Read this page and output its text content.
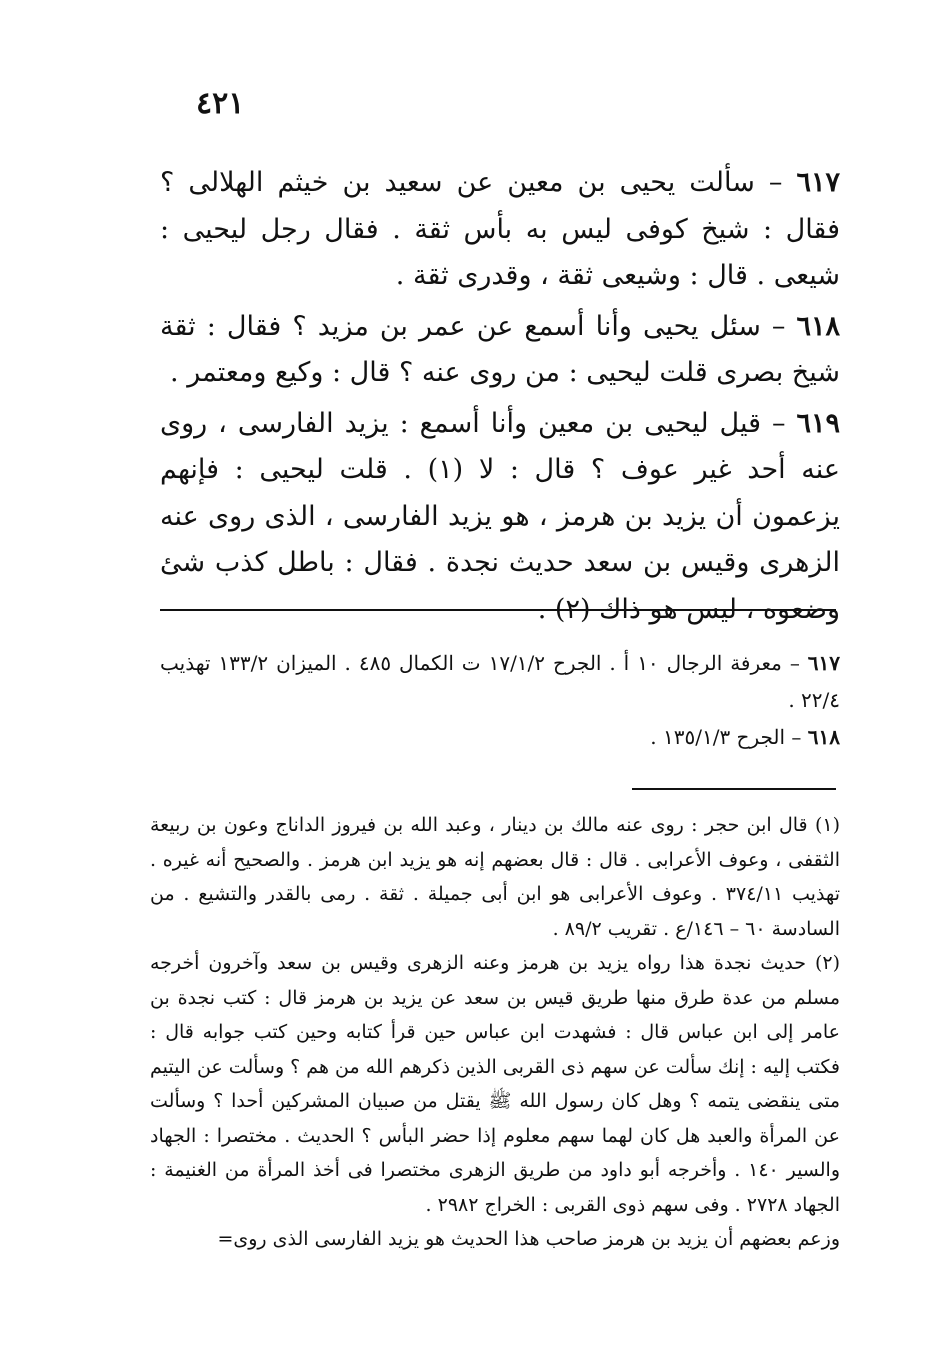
٤٢١

٦١٧ – سألت يحيى بن معين عن سعيد بن خيثم الهلالى ؟ فقال : شيخ كوفى ليس به بأس ثقة . فقال رجل ليحيى : شيعى . قال : وشيعى ثقة ، وقدرى ثقة .

٦١٨ – سئل يحيى وأنا أسمع عن عمر بن مزيد ؟ فقال : ثقة شيخ بصرى قلت ليحيى : من روى عنه ؟ قال : وكيع ومعتمر .

٦١٩ – قيل ليحيى بن معين وأنا أسمع : يزيد الفارسى ، روى عنه أحد غير عوف ؟ قال : لا (١) . قلت ليحيى : فإنهم يزعمون أن يزيد بن هرمز ، هو يزيد الفارسى ، الذى روى عنه الزهرى وقيس بن سعد حديث نجدة . فقال : باطل كذب شئ وضعوه ، ليس هو ذاك (٢) .

٦١٧ – معرفة الرجال ١٠ أ . الجرح ١٧/١/٢ ت الكمال ٤٨٥ . الميزان ١٣٣/٢ تهذيب ٢٢/٤ .

٦١٨ – الجرح ١٣٥/١/٣ .

(١) قال ابن حجر : روى عنه مالك بن دينار ، وعبد الله بن فيروز الداناج وعون بن ربيعة الثقفى ، وعوف الأعرابى . قال : قال بعضهم إنه هو يزيد ابن هرمز . والصحيح أنه غيره . تهذيب ٣٧٤/١١ . وعوف الأعرابى هو ابن أبى جميلة . ثقة . رمى بالقدر والتشيع . من السادسة ٦٠ – ١٤٦/ع . تقريب ٨٩/٢ .

(٢) حديث نجدة هذا رواه يزيد بن هرمز وعنه الزهرى وقيس بن سعد وآخرون أخرجه مسلم من عدة طرق منها طريق قيس بن سعد عن يزيد بن هرمز قال : كتب نجدة بن عامر إلى ابن عباس قال : فشهدت ابن عباس حين قرأ كتابه وحين كتب جوابه قال : فكتب إليه : إنك سألت عن سهم ذى القربى الذين ذكرهم الله من هم ؟ وسألت عن اليتيم متى ينقضى يتمه ؟ وهل كان رسول الله ﷺ يقتل من صبيان المشركين أحدا ؟ وسألت عن المرأة والعبد هل كان لهما سهم معلوم إذا حضر البأس ؟ الحديث . مختصرا : الجهاد والسير ١٤٠ . وأخرجه أبو داود من طريق الزهرى مختصرا فى أخذ المرأة من الغنيمة : الجهاد ٢٧٢٨ . وفى سهم ذوى القربى : الخراج ٢٩٨٢ .

وزعم بعضهم أن يزيد بن هرمز صاحب هذا الحديث هو يزيد الفارسى الذى روى=
